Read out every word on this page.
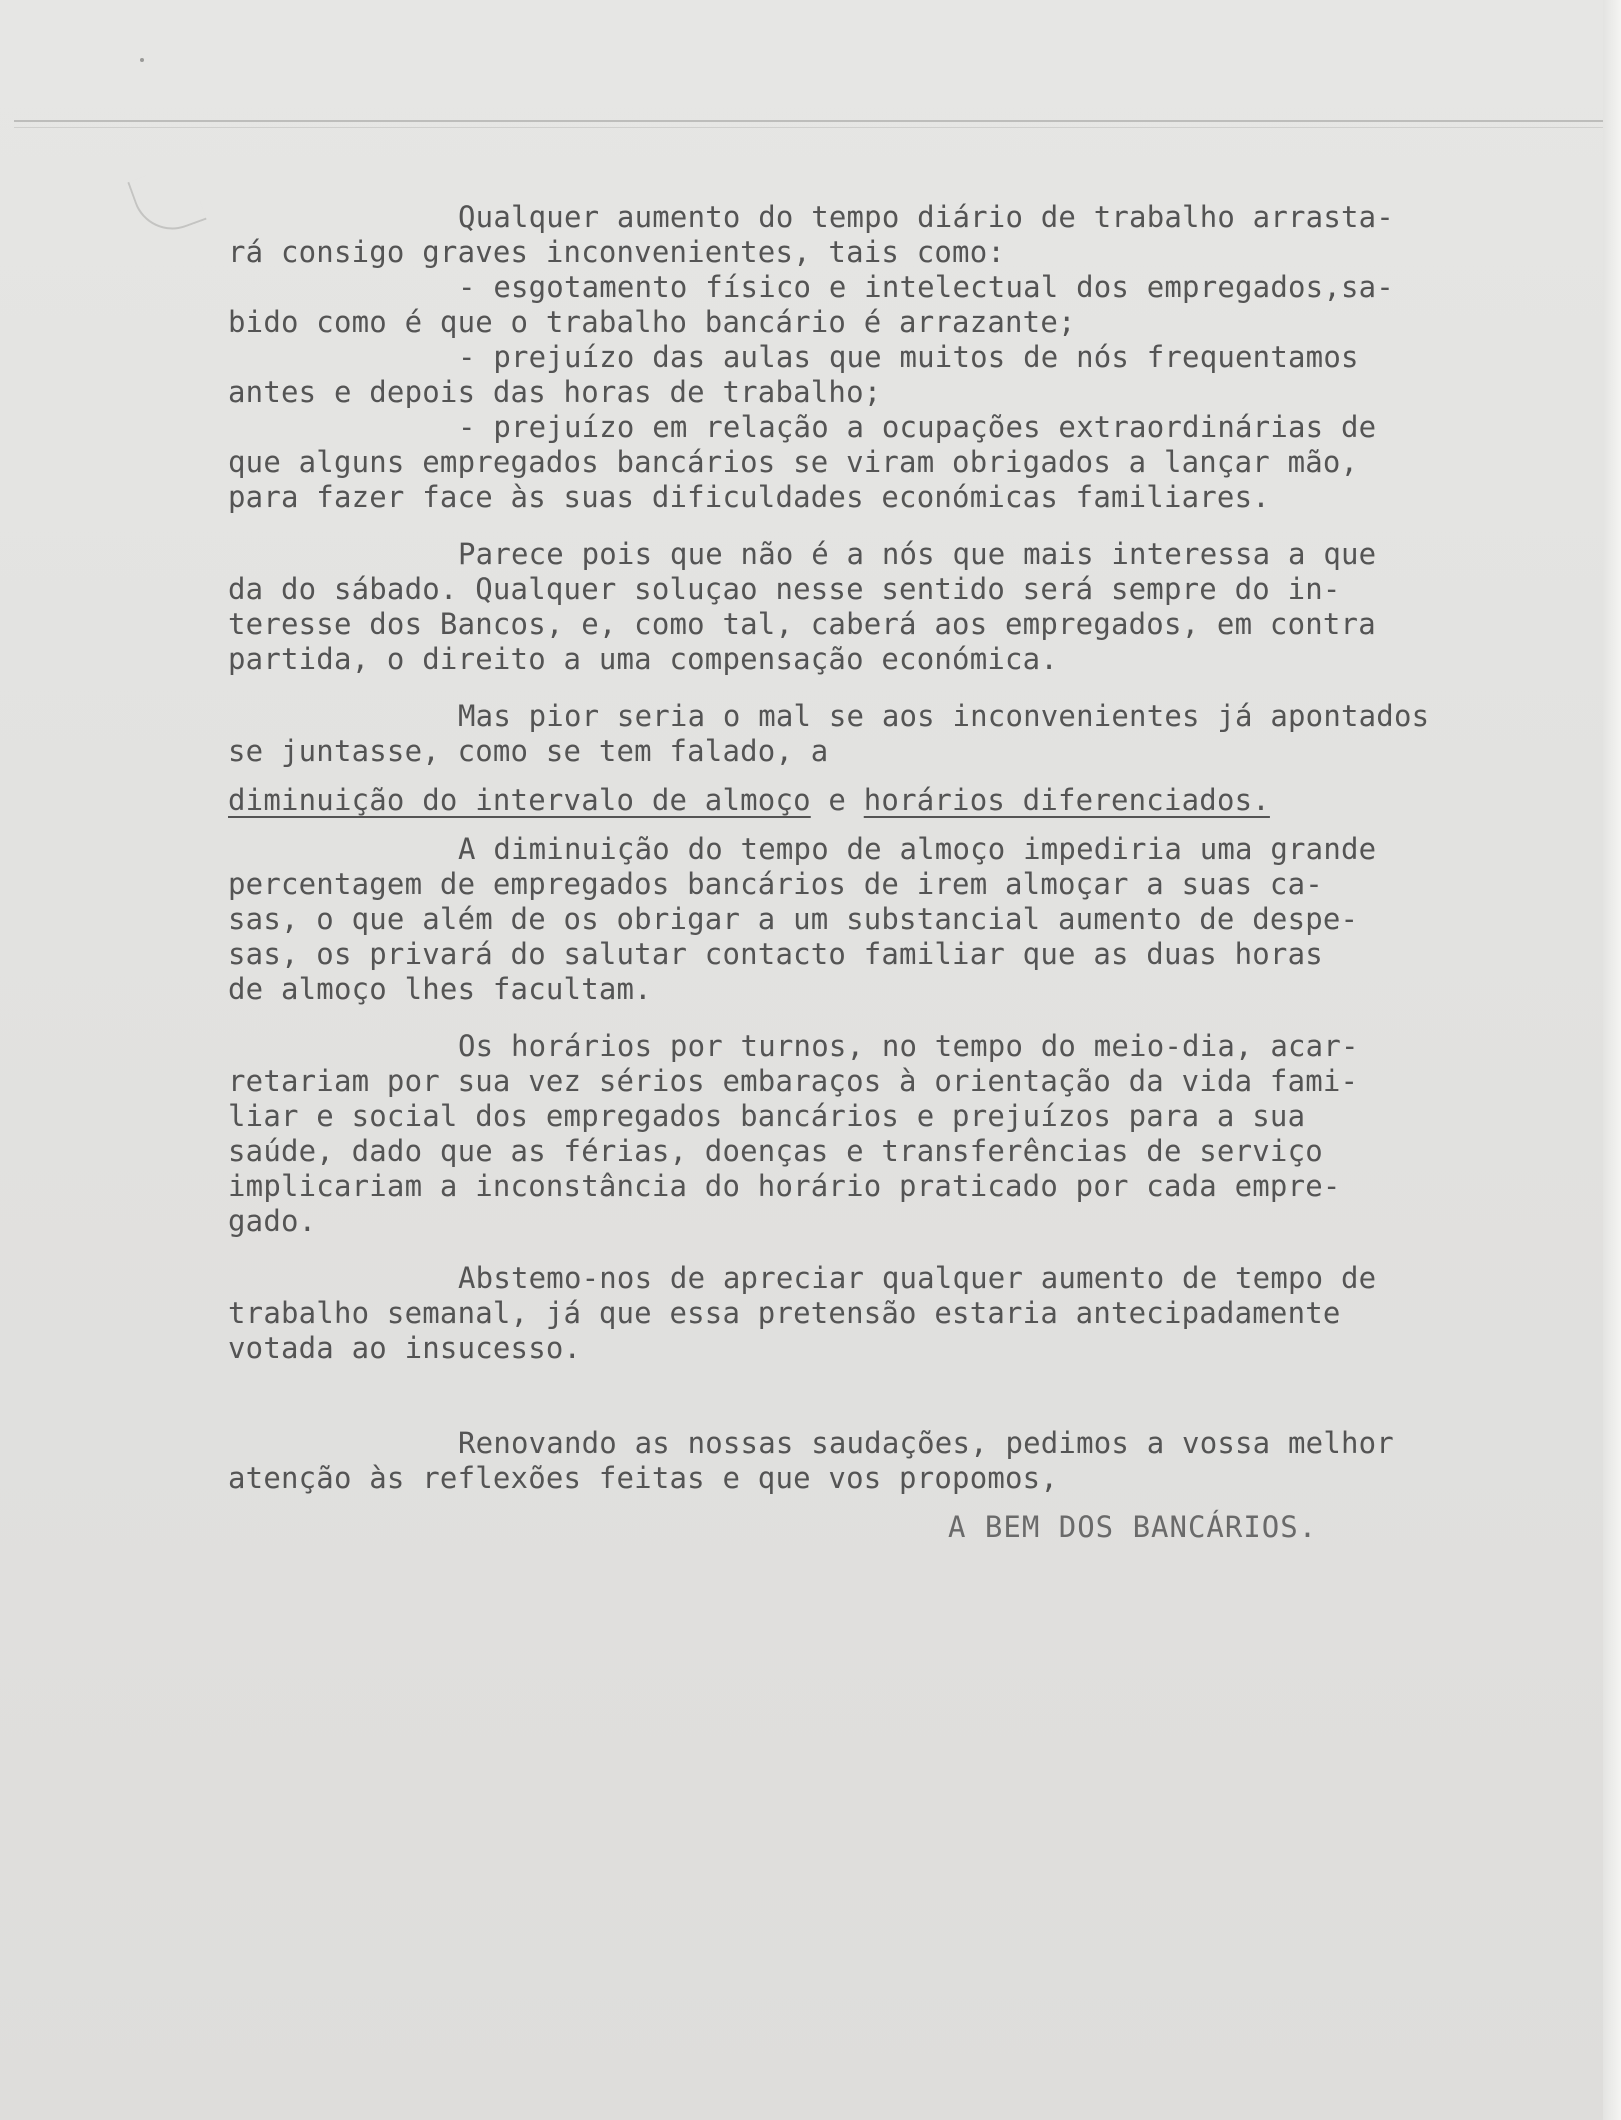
Qualquer aumento do tempo diário de trabalho arrasta-
rá consigo graves inconvenientes, tais como:
- esgotamento físico e intelectual dos empregados,sa-
bido como é que o trabalho bancário é arrazante;
- prejuízo das aulas que muitos de nós frequentamos
antes e depois das horas de trabalho;
- prejuízo em relação a ocupações extraordinárias de
que alguns empregados bancários se viram obrigados a lançar mão,
para fazer face às suas dificuldades económicas familiares.
Parece pois que não é a nós que mais interessa a que
da do sábado. Qualquer soluçao nesse sentido será sempre do in-
teresse dos Bancos, e, como tal, caberá aos empregados, em contra
partida, o direito a uma compensação económica.
Mas pior seria o mal se aos inconvenientes já apontados
se juntasse, como se tem falado, a
diminuição do intervalo de almoço e horários diferenciados.
A diminuição do tempo de almoço impediria uma grande
percentagem de empregados bancários de irem almoçar a suas ca-
sas, o que além de os obrigar a um substancial aumento de despe-
sas, os privará do salutar contacto familiar que as duas horas
de almoço lhes facultam.
Os horários por turnos, no tempo do meio-dia, acar-
retariam por sua vez sérios embaraços à orientação da vida fami-
liar e social dos empregados bancários e prejuízos para a sua
saúde, dado que as férias, doenças e transferências de serviço
implicariam a inconstância do horário praticado por cada empre-
gado.
Abstemo-nos de apreciar qualquer aumento de tempo de
trabalho semanal, já que essa pretensão estaria antecipadamente
votada ao insucesso.
Renovando as nossas saudações, pedimos a vossa melhor
atenção às reflexões feitas e que vos propomos,
A BEM DOS BANCÁRIOS.
